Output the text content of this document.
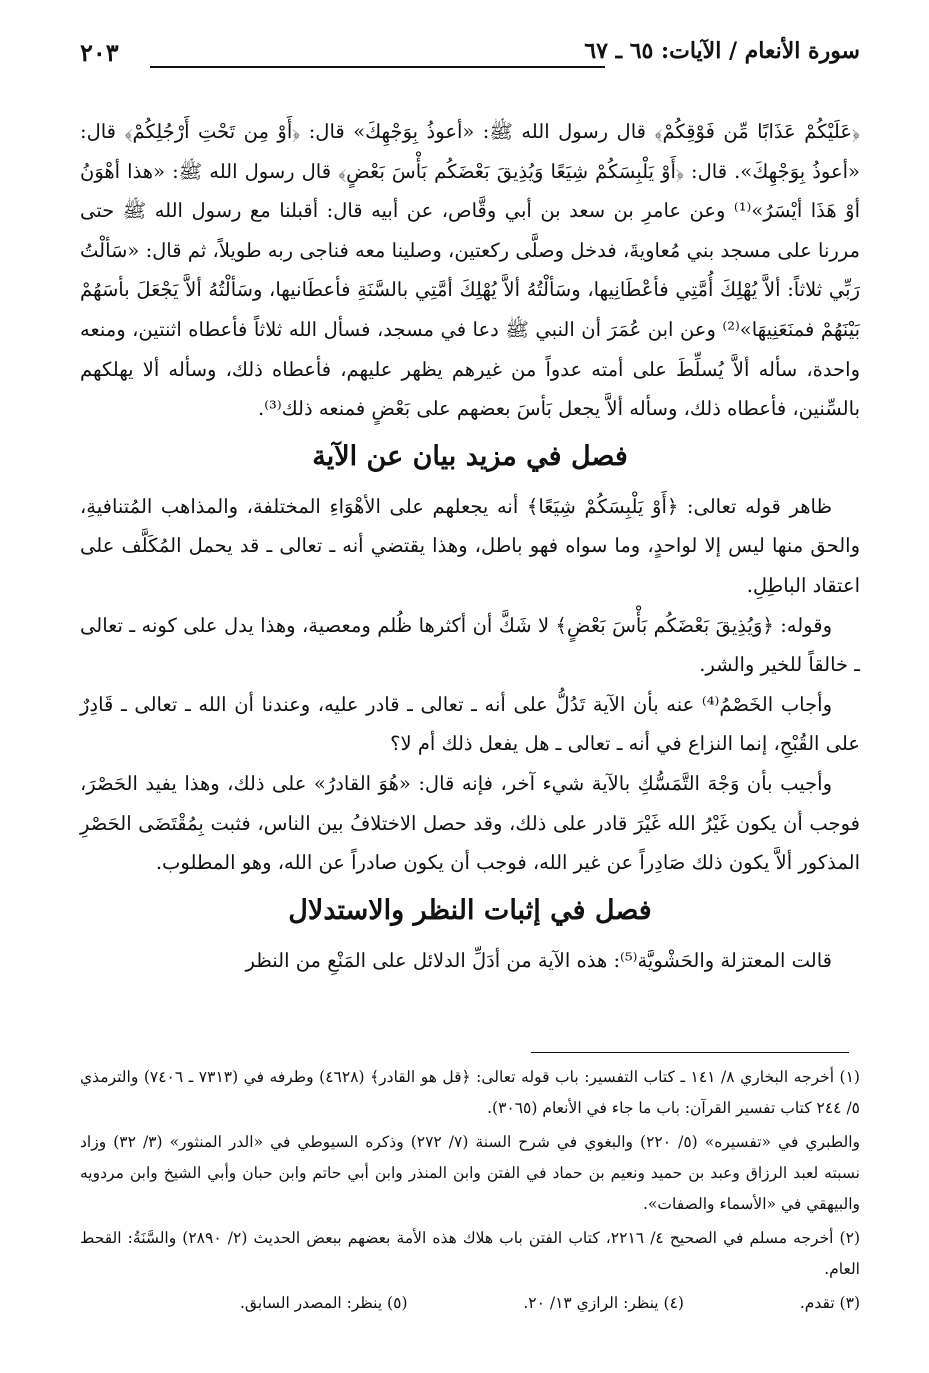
سورة الأنعام / الآيات: ٦٥ ـ ٦٧
٢٠٣

﴿عَلَيْكُمْ عَذَابًا مِّن فَوْقِكُمْ﴾ قال رسول الله ﷺ: «أعوذُ بِوَجْهِكَ» قال: ﴿أَوْ مِن تَحْتِ أَرْجُلِكُمْ﴾ قال: «أعوذُ بِوَجْهِكَ». قال: ﴿أَوْ يَلْبِسَكُمْ شِيَعًا وَيُذِيقَ بَعْضَكُم بَأْسَ بَعْضٍ﴾ قال رسول الله ﷺ: «هذا أهْوَنُ أوْ هَذَا أيْسَرُ»⁽¹⁾ وعن عامرِ بن سعد بن أبي وقَّاص، عن أبيه قال: أقبلنا مع رسول الله ﷺ حتى مررنا على مسجد بني مُعاويةَ، فدخل وصلَّى ركعتين، وصلينا معه فناجى ربه طويلاً، ثم قال: «سَألْتُ رَبِّي ثلاثاً: ألاَّ يُهْلِكَ أُمَّتِي فأعْطَانِيها، وسَألْتُهُ ألاَّ يُهْلِكَ أمَّتِي بالسَّنَةِ فأعطَانيها، وسَألْتُهُ ألاَّ يَجْعَلَ بأسَهُمْ بَيْنَهُمْ فمنَعَنِيهَا»⁽²⁾ وعن ابن عُمَرَ أن النبي ﷺ دعا في مسجد، فسأل الله ثلاثاً فأعطاه اثنتين، ومنعه واحدة، سأله ألاَّ يُسلِّطَ على أمته عدواً من غيرهم يظهر عليهم، فأعطاه ذلك، وسأله ألا يهلكهم بالسِّنين، فأعطاه ذلك، وسأله ألاَّ يجعل بَأسَ بعضهم على بَعْضٍ فمنعه ذلك⁽³⁾.

فصل في مزيد بيان عن الآية

ظاهر قوله تعالى: ﴿أَوْ يَلْبِسَكُمْ شِيَعًا﴾ أنه يجعلهم على الأهْوَاءِ المختلفة، والمذاهب المُتنافيةِ، والحق منها ليس إلا لواحدٍ، وما سواه فهو باطل، وهذا يقتضي أنه ـ تعالى ـ قد يحمل المُكَلَّف على اعتقاد الباطِلِ.

وقوله: ﴿وَيُذِيقَ بَعْضَكُم بَأْسَ بَعْضٍ﴾ لا شَكَّ أن أكثرها ظُلم ومعصية، وهذا يدل على كونه ـ تعالى ـ خالقاً للخير والشر.

وأجاب الخَصْمُ⁽⁴⁾ عنه بأن الآية تَدُلُّ على أنه ـ تعالى ـ قادر عليه، وعندنا أن الله ـ تعالى ـ قَادِرٌ على القُبْحِ، إنما النزاع في أنه ـ تعالى ـ هل يفعل ذلك أم لا؟

وأجيب بأن وَجْهَ التَّمَسُّكِ بالآية شيء آخر، فإنه قال: «هُوَ القادرُ» على ذلك، وهذا يفيد الحَصْرَ، فوجب أن يكون غَيْرُ الله غَيْرَ قادر على ذلك، وقد حصل الاختلافُ بين الناس، فثبت بِمُقْتَضَى الحَصْرِ المذكور ألاَّ يكون ذلك صَادِراً عن غير الله، فوجب أن يكون صادراً عن الله، وهو المطلوب.

فصل في إثبات النظر والاستدلال

قالت المعتزلة والحَشْويَّة⁽⁵⁾: هذه الآية من أدَلِّ الدلائل على المَنْعِ من النظر

(١) أخرجه البخاري ٨/ ١٤١ ـ كتاب التفسير: باب قوله تعالى: ﴿قل هو القادر﴾ (٤٦٢٨) وطرفه في (٧٣١٣ ـ ٧٤٠٦) والترمذي ٥/ ٢٤٤ كتاب تفسير القرآن: باب ما جاء في الأنعام (٣٠٦٥).

والطبري في «تفسيره» (٥/ ٢٢٠) والبغوي في شرح السنة (٧/ ٢٧٢) وذكره السيوطي في «الدر المنثور» (٣/ ٣٢) وزاد نسبته لعبد الرزاق وعبد بن حميد ونعيم بن حماد في الفتن وابن المنذر وابن أبي حاتم وابن حبان وأبي الشيخ وابن مردويه والبيهقي في «الأسماء والصفات».

(٢) أخرجه مسلم في الصحيح ٤/ ٢٢١٦، كتاب الفتن باب هلاك هذه الأمة بعضهم ببعض الحديث (٢/ ٢٨٩٠) والسَّنَةُ: القحط العام.

(٣) تقدم.
(٤) ينظر: الرازي ١٣/ ٢٠.
(٥) ينظر: المصدر السابق.
